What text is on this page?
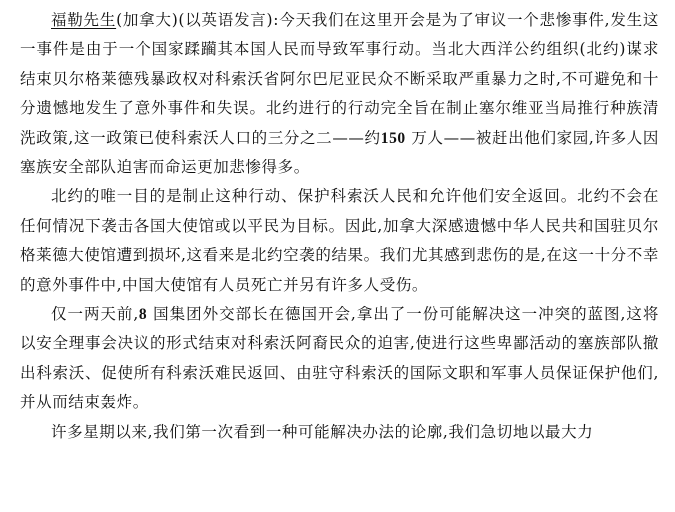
福勒先生(加拿大)(以英语发言):今天我们在这里开会是为了审议一个悲惨事件,发生这一事件是由于一个国家蹂躏其本国人民而导致军事行动。当北大西洋公约组织(北约)谋求结束贝尔格莱德残暴政权对科索沃省阿尔巴尼亚民众不断采取严重暴力之时,不可避免和十分遗憾地发生了意外事件和失误。北约进行的行动完全旨在制止塞尔维亚当局推行种族清洗政策,这一政策已使科索沃人口的三分之二——约150 万人——被赶出他们家园,许多人因塞族安全部队迫害而命运更加悲惨得多。

北约的唯一目的是制止这种行动、保护科索沃人民和允许他们安全返回。北约不会在任何情况下袭击各国大使馆或以平民为目标。因此,加拿大深感遗憾中华人民共和国驻贝尔格莱德大使馆遭到损坏,这看来是北约空袭的结果。我们尤其感到悲伤的是,在这一十分不幸的意外事件中,中国大使馆有人员死亡并另有许多人受伤。

仅一两天前,8 国集团外交部长在德国开会,拿出了一份可能解决这一冲突的蓝图,这将以安全理事会决议的形式结束对科索沃阿裔民众的迫害,使进行这些卑鄙活动的塞族部队撤出科索沃、促使所有科索沃难民返回、由驻守科索沃的国际文职和军事人员保证保护他们,并从而结束轰炸。

许多星期以来,我们第一次看到一种可能解决办法的论廓,我们急切地以最大力
